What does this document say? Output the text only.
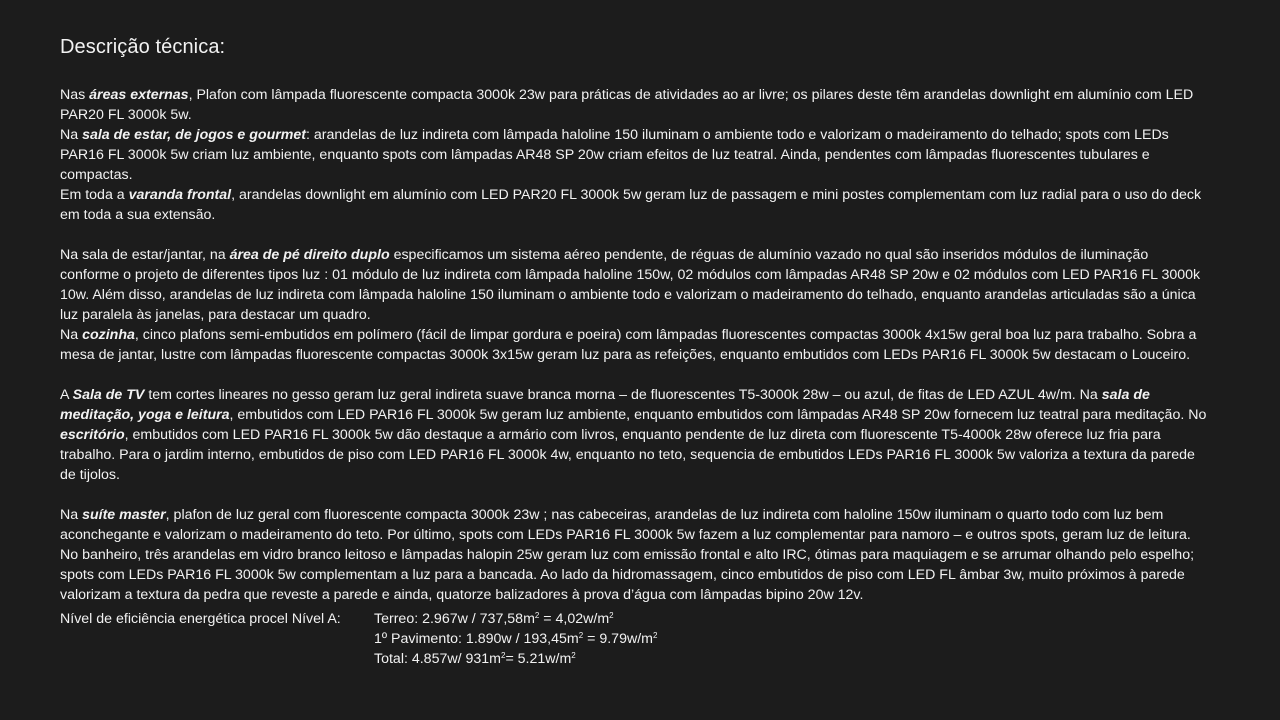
Descrição técnica:

Nas áreas externas, Plafon com lâmpada fluorescente compacta 3000k 23w para práticas de atividades ao ar livre; os pilares deste têm arandelas downlight em alumínio com LED PAR20 FL 3000k 5w.

Na sala de estar, de jogos e gourmet: arandelas de luz indireta com lâmpada haloline 150 iluminam o ambiente todo e valorizam o madeiramento do telhado; spots com LEDs PAR16 FL 3000k 5w criam luz ambiente, enquanto spots com lâmpadas AR48 SP 20w criam efeitos de luz teatral. Ainda, pendentes com lâmpadas fluorescentes tubulares e compactas.

Em toda a varanda frontal, arandelas downlight em alumínio com LED PAR20 FL 3000k 5w geram luz de passagem e mini postes complementam com luz radial para o uso do deck em toda a sua extensão.

Na sala de estar/jantar, na área de pé direito duplo especificamos um sistema aéreo pendente, de réguas de alumínio vazado no qual são inseridos módulos de iluminação conforme o projeto de diferentes tipos luz : 01 módulo de luz indireta com lâmpada haloline 150w, 02 módulos com lâmpadas AR48 SP 20w e 02 módulos com LED PAR16 FL 3000k 10w. Além disso, arandelas de luz indireta com lâmpada haloline 150 iluminam o ambiente todo e valorizam o madeiramento do telhado, enquanto arandelas articuladas são a única luz paralela às janelas, para destacar um quadro.

Na cozinha, cinco plafons semi-embutidos em polímero (fácil de limpar gordura e poeira) com lâmpadas fluorescentes compactas 3000k 4x15w geral boa luz para trabalho. Sobra a mesa de jantar, lustre com lâmpadas fluorescente compactas 3000k 3x15w geram luz para as refeições, enquanto embutidos com LEDs PAR16 FL 3000k 5w destacam o Louceiro.

A Sala de TV tem cortes lineares no gesso geram luz geral indireta suave branca morna – de fluorescentes T5-3000k 28w – ou azul, de fitas de LED AZUL 4w/m. Na sala de meditação, yoga e leitura, embutidos com LED PAR16 FL 3000k 5w geram luz ambiente, enquanto embutidos com lâmpadas AR48 SP 20w fornecem luz teatral para meditação. No escritório, embutidos com LED PAR16 FL 3000k 5w dão destaque a armário com livros, enquanto pendente de luz direta com fluorescente T5-4000k 28w oferece luz fria para trabalho. Para o jardim interno, embutidos de piso com LED PAR16 FL 3000k 4w, enquanto no teto, sequencia de embutidos LEDs PAR16 FL 3000k 5w valoriza a textura da parede de tijolos.

Na suíte master, plafon de luz geral com fluorescente compacta 3000k 23w ; nas cabeceiras, arandelas de luz indireta com haloline 150w iluminam o quarto todo com luz bem aconchegante e valorizam o madeiramento do teto. Por último, spots com LEDs PAR16 FL 3000k 5w fazem a luz complementar para namoro – e outros spots, geram luz de leitura. No banheiro, três arandelas em vidro branco leitoso e lâmpadas halopin 25w geram luz com emissão frontal e alto IRC, ótimas para maquiagem e se arrumar olhando pelo espelho; spots com LEDs PAR16 FL 3000k 5w complementam a luz para a bancada. Ao lado da hidromassagem, cinco embutidos de piso com LED FL âmbar 3w, muito próximos à parede valorizam a textura da pedra que reveste a parede e ainda, quatorze balizadores à prova d’água com lâmpadas bipino 20w 12v.

Nível de eficiência energética procel Nível A:	Terreo: $2.967w / 737,58m^2 = 4,02w/m^2$
1º Pavimento: $1.890w / 193,45m^2 = 9.79w/m^2$
Total: 4.857w/ $931m^2= 5.21w/m^2$
